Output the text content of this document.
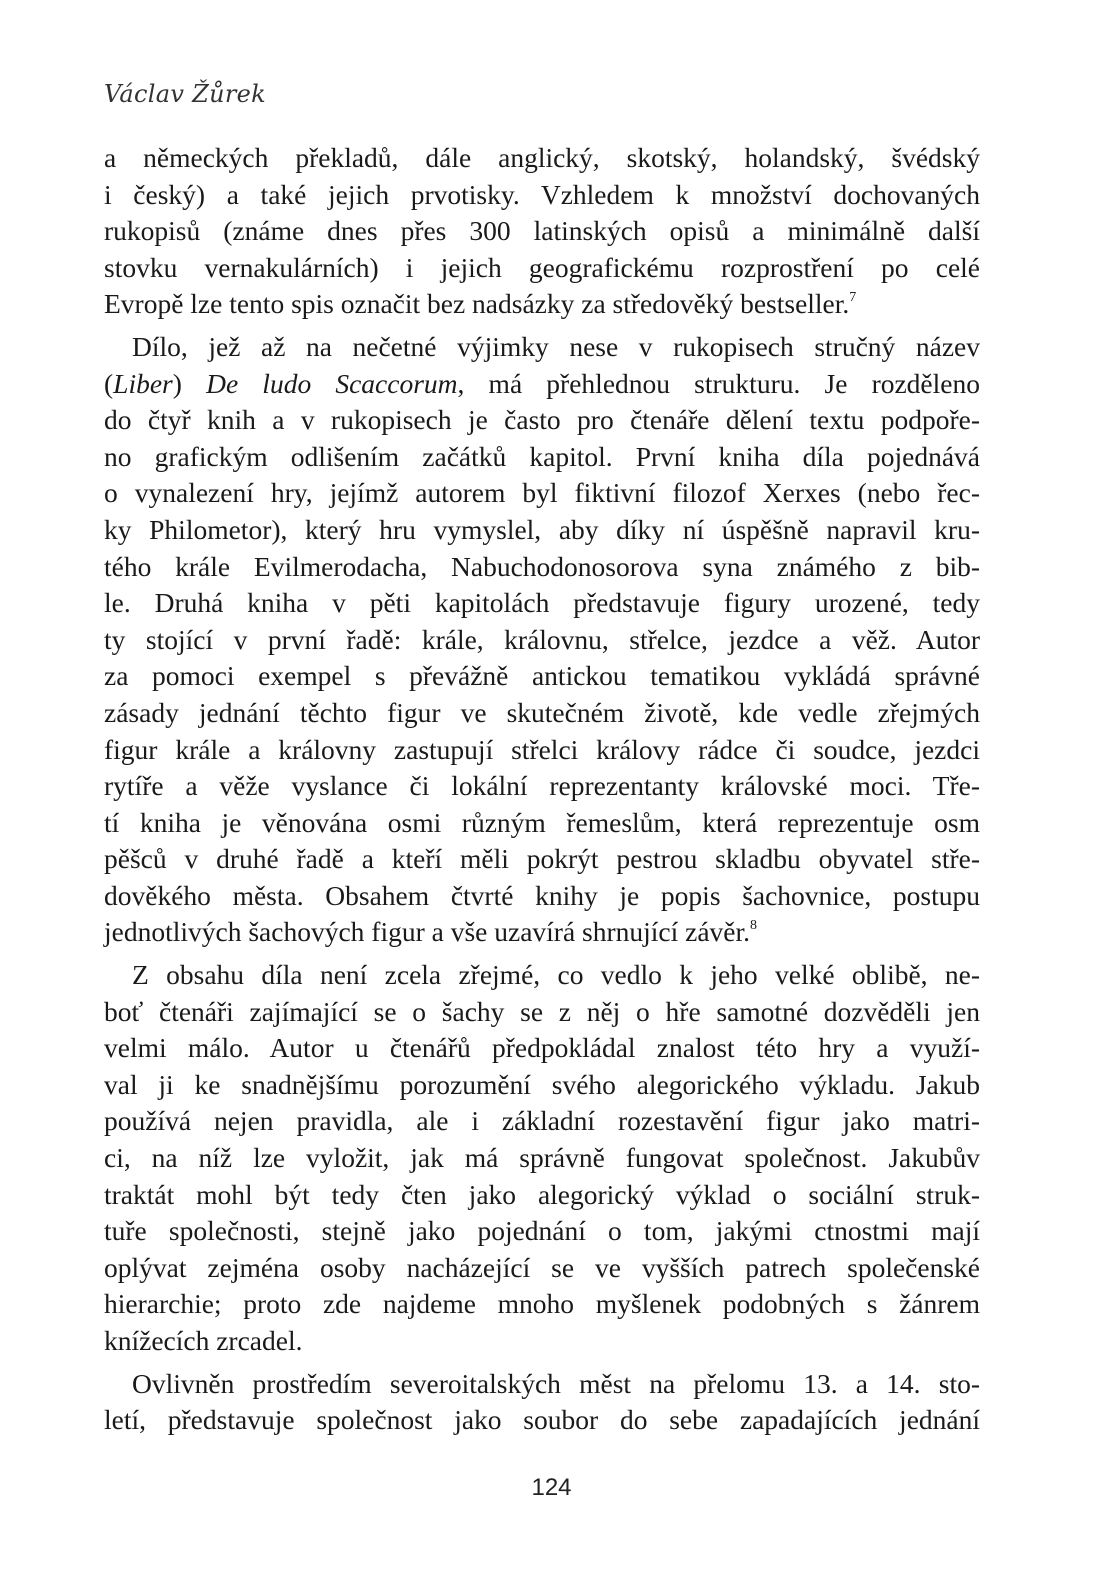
Václav Žůrek
a německých překladů, dále anglický, skotský, holandský, švédský
i český) a také jejich prvotisky. Vzhledem k množství dochovaných
rukopisů (známe dnes přes 300 latinských opisů a minimálně další
stovku vernakulárních) i jejich geografickému rozprostření po celé
Evropě lze tento spis označit bez nadsázky za středověký bestseller.$^7$
Dílo, jež až na nečetné výjimky nese v rukopisech stručný název
(Liber) De ludo Scaccorum, má přehlednou strukturu. Je rozděleno
do čtyř knih a v rukopisech je často pro čtenáře dělení textu podpoře-
no grafickým odlišením začátků kapitol. První kniha díla pojednává
o vynalezení hry, jejímž autorem byl fiktivní filozof Xerxes (nebo řec-
ky Philometor), který hru vymyslel, aby díky ní úspěšně napravil kru-
tého krále Evilmerodacha, Nabuchodonosorova syna známého z bib-
le. Druhá kniha v pěti kapitolách představuje figury urozené, tedy
ty stojící v první řadě: krále, královnu, střelce, jezdce a věž. Autor
za pomoci exempel s převážně antickou tematikou vykládá správné
zásady jednání těchto figur ve skutečném životě, kde vedle zřejmých
figur krále a královny zastupují střelci královy rádce či soudce, jezdci
rytíře a věže vyslance či lokální reprezentanty královské moci. Tře-
tí kniha je věnována osmi různým řemeslům, která reprezentuje osm
pěšců v druhé řadě a kteří měli pokrýt pestrou skladbu obyvatel stře-
dověkého města. Obsahem čtvrté knihy je popis šachovnice, postupu
jednotlivých šachových figur a vše uzavírá shrnující závěr.$^8$
Z obsahu díla není zcela zřejmé, co vedlo k jeho velké oblibě, ne-
boť čtenáři zajímající se o šachy se z něj o hře samotné dozvěděli jen
velmi málo. Autor u čtenářů předpokládal znalost této hry a využí-
val ji ke snadnějšímu porozumění svého alegorického výkladu. Jakub
používá nejen pravidla, ale i základní rozestavění figur jako matri-
ci, na níž lze vyložit, jak má správně fungovat společnost. Jakubův
traktát mohl být tedy čten jako alegorický výklad o sociální struk-
tuře společnosti, stejně jako pojednání o tom, jakými ctnostmi mají
oplývat zejména osoby nacházející se ve vyšších patrech společenské
hierarchie; proto zde najdeme mnoho myšlenek podobných s žánrem
knížecích zrcadel.
Ovlivněn prostředím severoitalských měst na přelomu 13. a 14. sto-
letí, představuje společnost jako soubor do sebe zapadajících jednání
124
